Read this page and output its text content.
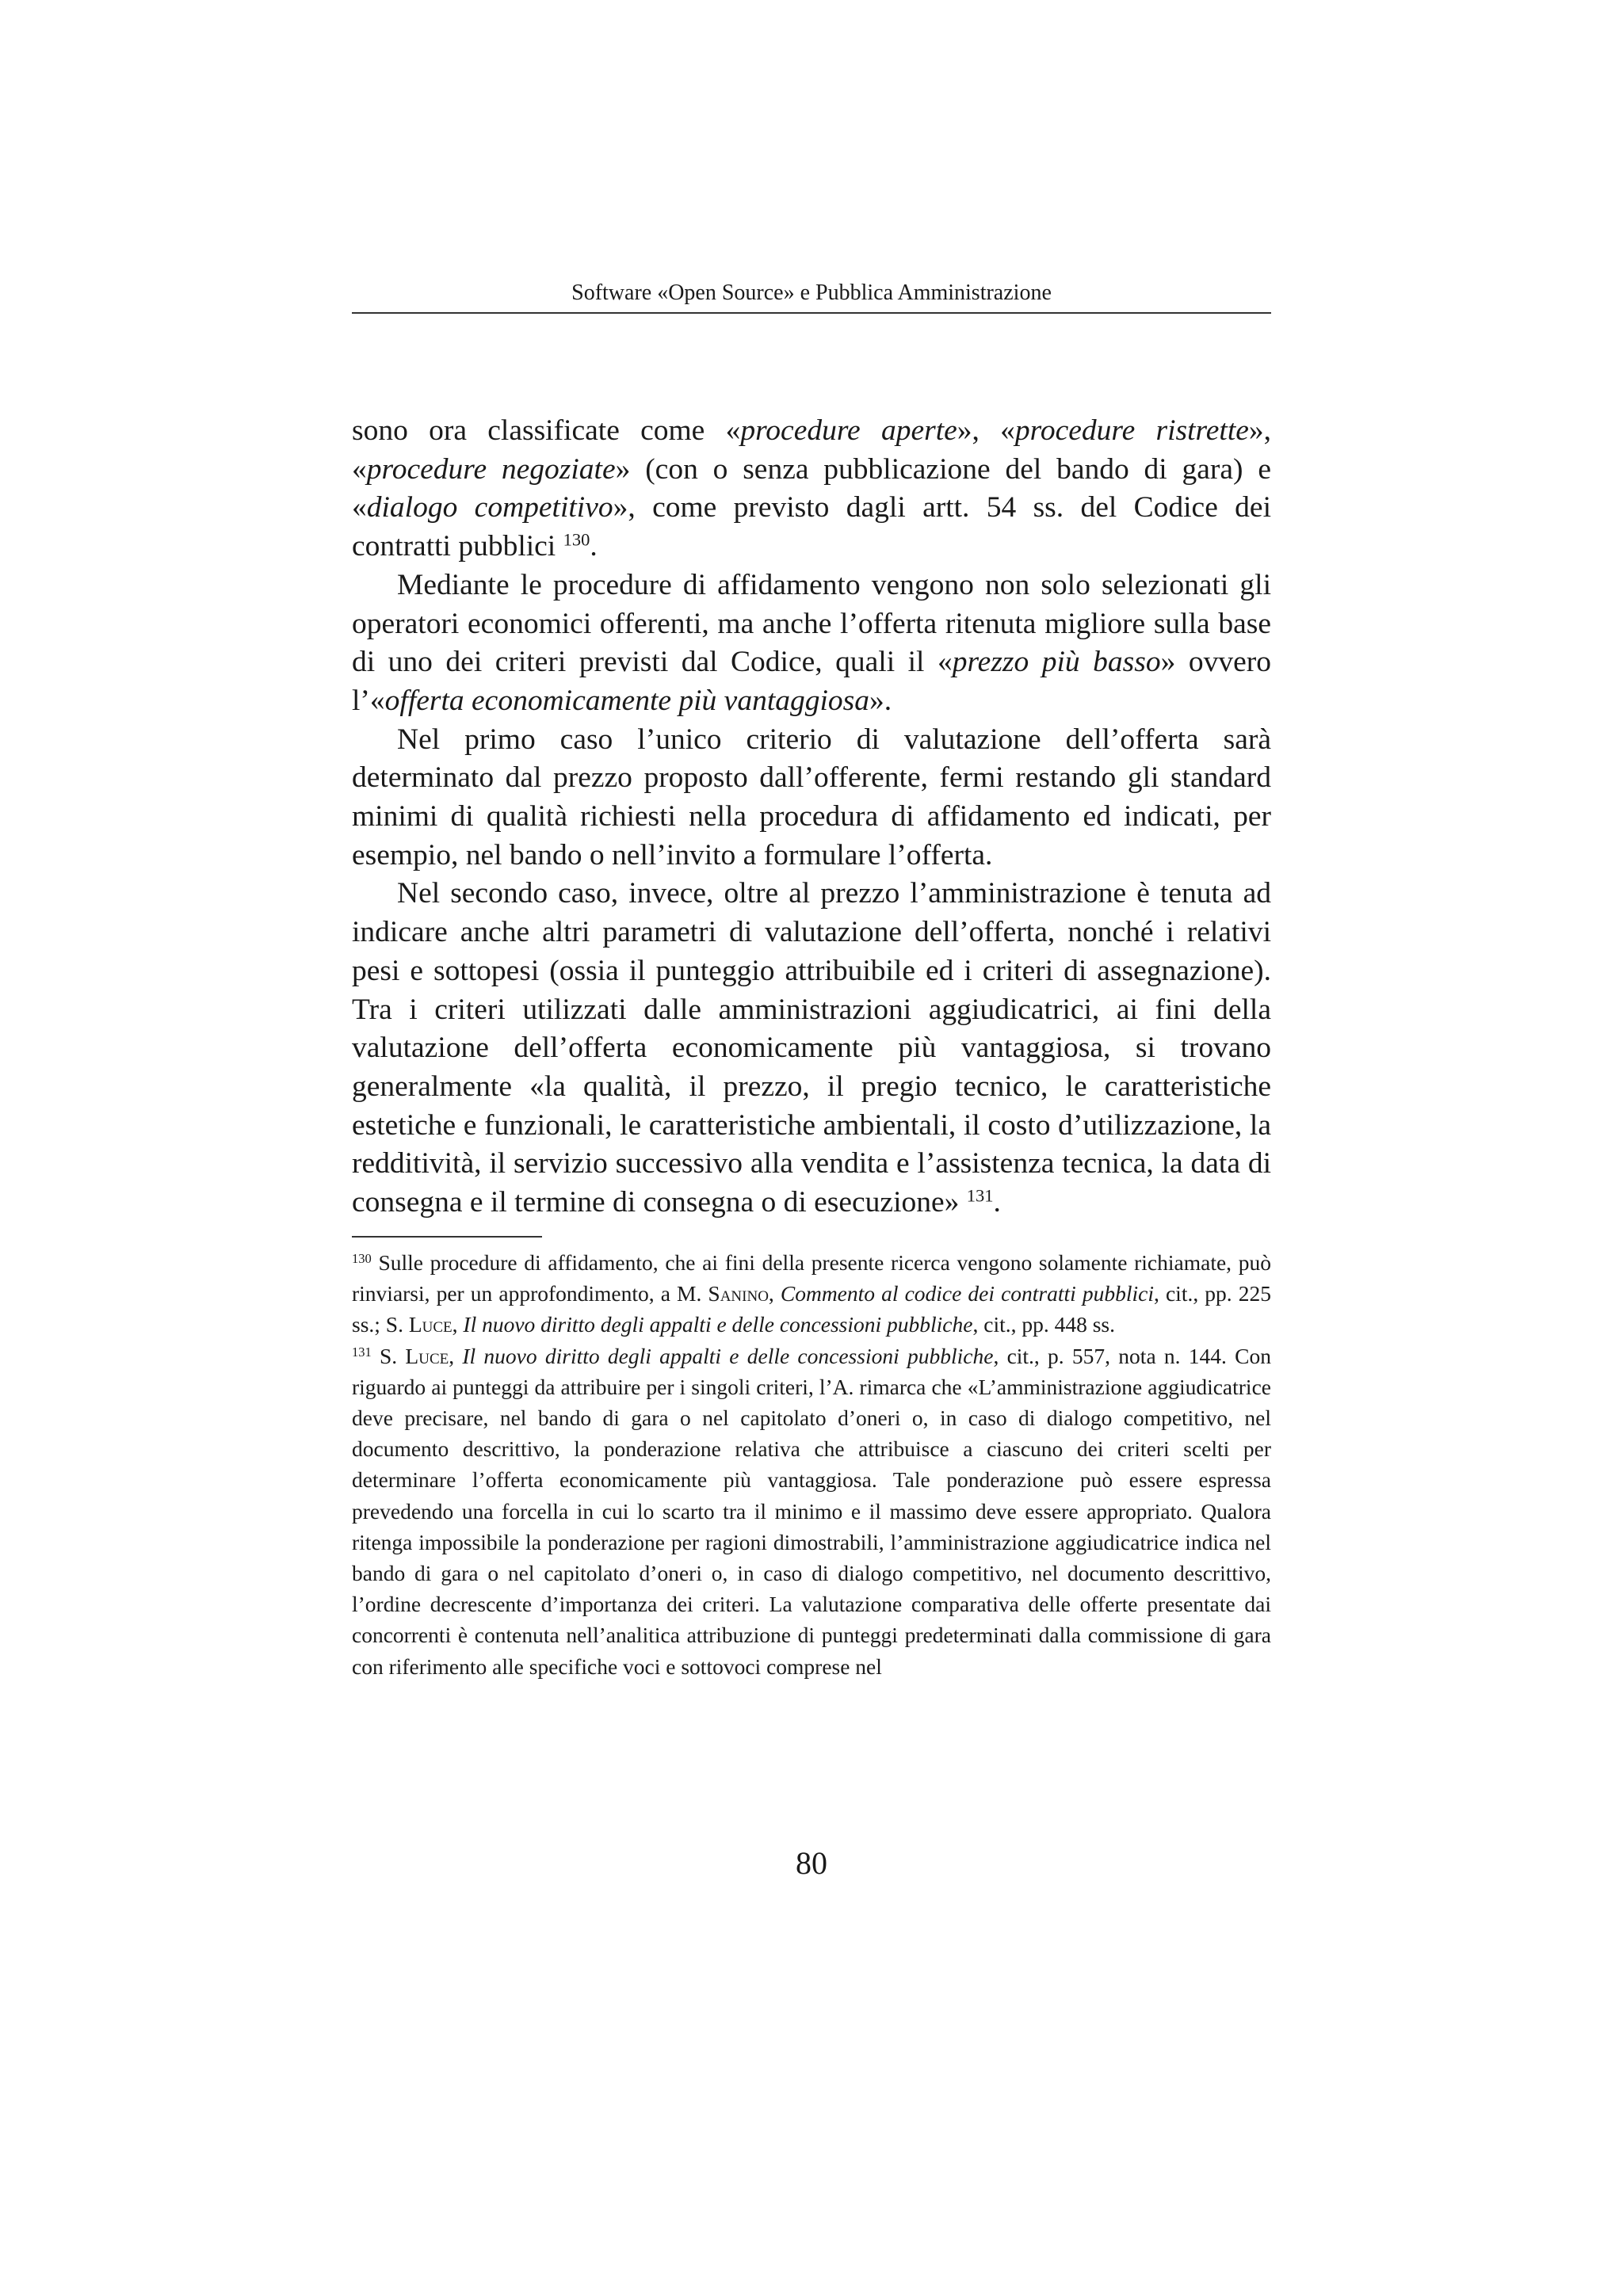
Software «Open Source» e Pubblica Amministrazione

sono ora classificate come «procedure aperte», «procedure ristrette», «procedure negoziate» (con o senza pubblicazione del bando di gara) e «dialogo competitivo», come previsto dagli artt. 54 ss. del Codice dei contratti pubblici $^{130}$.

Mediante le procedure di affidamento vengono non solo selezionati gli operatori economici offerenti, ma anche l’offerta ritenuta migliore sulla base di uno dei criteri previsti dal Codice, quali il «prezzo più basso» ovvero l’«offerta economicamente più vantaggiosa».

Nel primo caso l’unico criterio di valutazione dell’offerta sarà determinato dal prezzo proposto dall’offerente, fermi restando gli standard minimi di qualità richiesti nella procedura di affidamento ed indicati, per esempio, nel bando o nell’invito a formulare l’offerta.

Nel secondo caso, invece, oltre al prezzo l’amministrazione è tenuta ad indicare anche altri parametri di valutazione dell’offerta, nonché i relativi pesi e sottopesi (ossia il punteggio attribuibile ed i criteri di assegnazione). Tra i criteri utilizzati dalle amministrazioni aggiudicatrici, ai fini della valutazione dell’offerta economicamente più vantaggiosa, si trovano generalmente «la qualità, il prezzo, il pregio tecnico, le caratteristiche estetiche e funzionali, le caratteristiche ambientali, il costo d’utilizzazione, la redditività, il servizio successivo alla vendita e l’assistenza tecnica, la data di consegna e il termine di consegna o di esecuzione» $^{131}$.

$^{130}$ Sulle procedure di affidamento, che ai fini della presente ricerca vengono solamente richiamate, può rinviarsi, per un approfondimento, a M. Sanino, Commento al codice dei contratti pubblici, cit., pp. 225 ss.; S. Luce, Il nuovo diritto degli appalti e delle concessioni pubbliche, cit., pp. 448 ss.

$^{131}$ S. Luce, Il nuovo diritto degli appalti e delle concessioni pubbliche, cit., p. 557, nota n. 144. Con riguardo ai punteggi da attribuire per i singoli criteri, l’A. rimarca che «L’amministrazione aggiudicatrice deve precisare, nel bando di gara o nel capitolato d’oneri o, in caso di dialogo competitivo, nel documento descrittivo, la ponderazione relativa che attribuisce a ciascuno dei criteri scelti per determinare l’offerta economicamente più vantaggiosa. Tale ponderazione può essere espressa prevedendo una forcella in cui lo scarto tra il minimo e il massimo deve essere appropriato. Qualora ritenga impossibile la ponderazione per ragioni dimostrabili, l’amministrazione aggiudicatrice indica nel bando di gara o nel capitolato d’oneri o, in caso di dialogo competitivo, nel documento descrittivo, l’ordine decrescente d’importanza dei criteri. La valutazione comparativa delle offerte presentate dai concorrenti è contenuta nell’analitica attribuzione di punteggi predeterminati dalla commissione di gara con riferimento alle specifiche voci e sottovoci comprese nel

80
